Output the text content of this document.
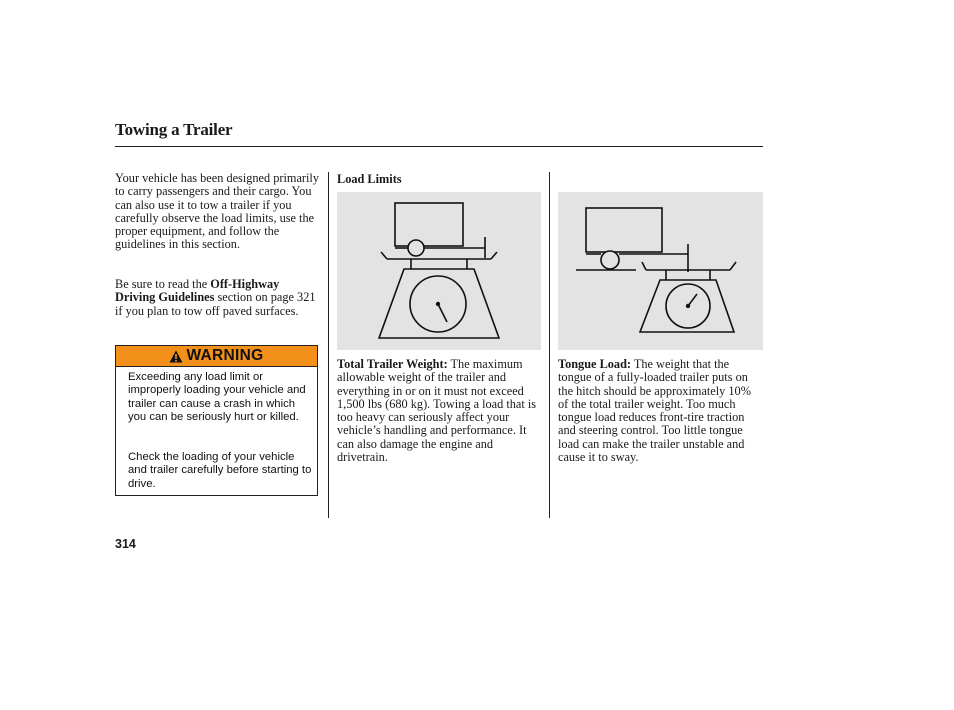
Towing a Trailer

Your vehicle has been designed primarily to carry passengers and their cargo. You can also use it to tow a trailer if you carefully observe the load limits, use the proper equipment, and follow the guidelines in this section.

Be sure to read the Off-Highway Driving Guidelines section on page 321 if you plan to tow off paved surfaces.

WARNING

Exceeding any load limit or improperly loading your vehicle and trailer can cause a crash in which you can be seriously hurt or killed.

Check the loading of your vehicle and trailer carefully before starting to drive.

Load Limits

Total Trailer Weight: The maximum allowable weight of the trailer and everything in or on it must not exceed 1,500 lbs (680 kg). Towing a load that is too heavy can seriously affect your vehicle’s handling and performance. It can also damage the engine and drivetrain.

Tongue Load: The weight that the tongue of a fully-loaded trailer puts on the hitch should be approximately 10% of the total trailer weight. Too much tongue load reduces front-tire traction and steering control. Too little tongue load can make the trailer unstable and cause it to sway.

314
